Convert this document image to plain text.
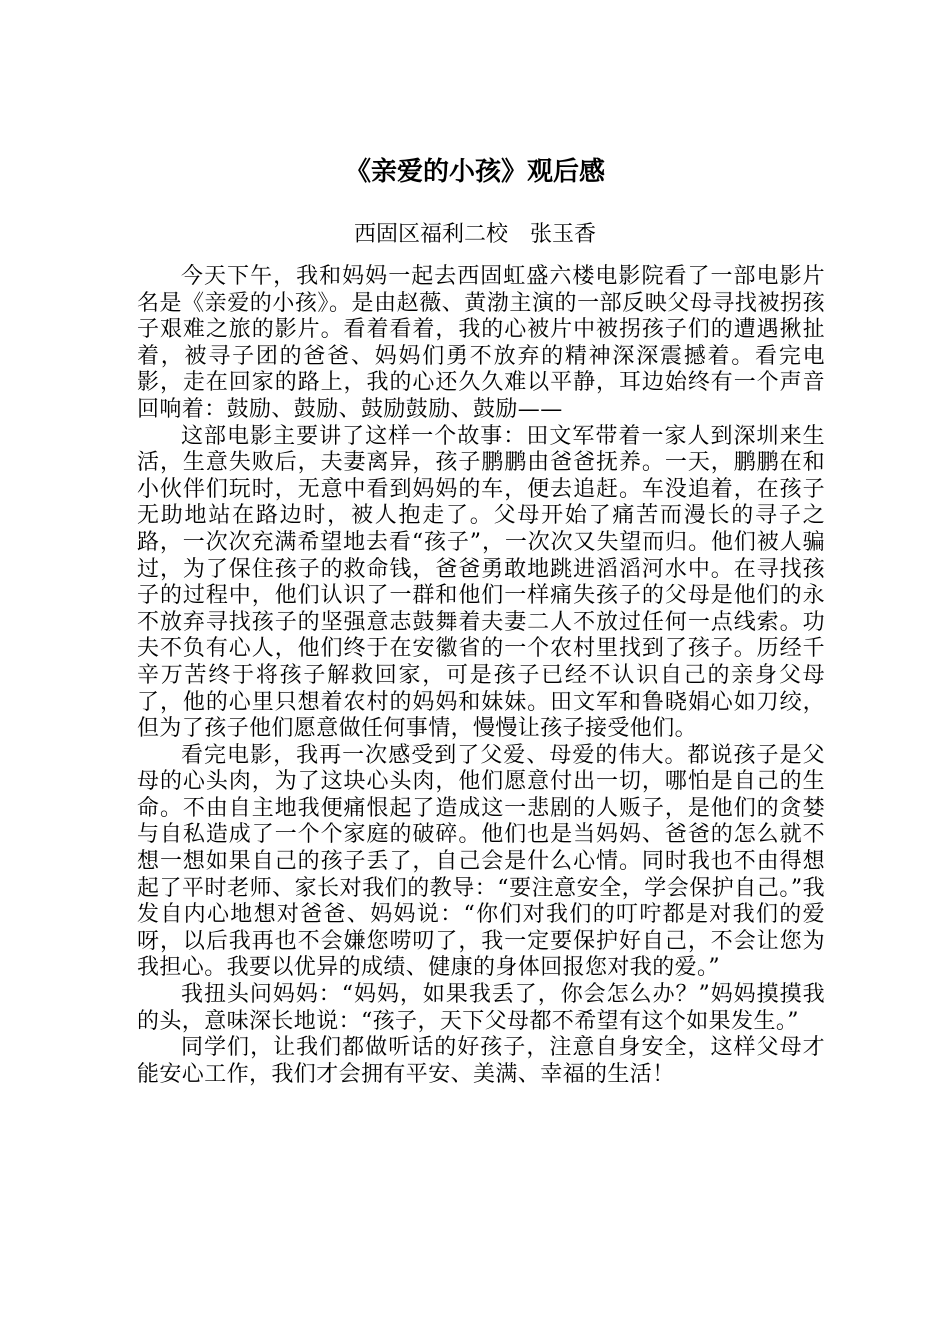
《亲爱的小孩》观后感

西固区福利二校　张玉香

今天下午，我和妈妈一起去西固虹盛六楼电影院看了一部电影片名是《亲爱的小孩》。是由赵薇、黄渤主演的一部反映父母寻找被拐孩子艰难之旅的影片。看着看着，我的心被片中被拐孩子们的遭遇揪扯着，被寻子团的爸爸、妈妈们勇不放弃的精神深深震撼着。看完电影，走在回家的路上，我的心还久久难以平静，耳边始终有一个声音回响着：鼓励、鼓励、鼓励鼓励、鼓励——

这部电影主要讲了这样一个故事：田文军带着一家人到深圳来生活，生意失败后，夫妻离异，孩子鹏鹏由爸爸抚养。一天，鹏鹏在和小伙伴们玩时，无意中看到妈妈的车，便去追赶。车没追着，在孩子无助地站在路边时，被人抱走了。父母开始了痛苦而漫长的寻子之路，一次次充满希望地去看“孩子”，一次次又失望而归。他们被人骗过，为了保住孩子的救命钱，爸爸勇敢地跳进滔滔河水中。在寻找孩子的过程中，他们认识了一群和他们一样痛失孩子的父母是他们的永不放弃寻找孩子的坚强意志鼓舞着夫妻二人不放过任何一点线索。功夫不负有心人，他们终于在安徽省的一个农村里找到了孩子。历经千辛万苦终于将孩子解救回家，可是孩子已经不认识自己的亲身父母了，他的心里只想着农村的妈妈和妹妹。田文军和鲁晓娟心如刀绞，但为了孩子他们愿意做任何事情，慢慢让孩子接受他们。

看完电影，我再一次感受到了父爱、母爱的伟大。都说孩子是父母的心头肉，为了这块心头肉，他们愿意付出一切，哪怕是自己的生命。不由自主地我便痛恨起了造成这一悲剧的人贩子，是他们的贪婪与自私造成了一个个家庭的破碎。他们也是当妈妈、爸爸的怎么就不想一想如果自己的孩子丢了，自己会是什么心情。同时我也不由得想起了平时老师、家长对我们的教导：“要注意安全，学会保护自己。”我发自内心地想对爸爸、妈妈说：“你们对我们的叮咛都是对我们的爱呀，以后我再也不会嫌您唠叨了，我一定要保护好自己，不会让您为我担心。我要以优异的成绩、健康的身体回报您对我的爱。”

我扭头问妈妈：“妈妈，如果我丢了，你会怎么办？”妈妈摸摸我的头，意味深长地说：“孩子，天下父母都不希望有这个如果发生。”

同学们，让我们都做听话的好孩子，注意自身安全，这样父母才能安心工作，我们才会拥有平安、美满、幸福的生活！
